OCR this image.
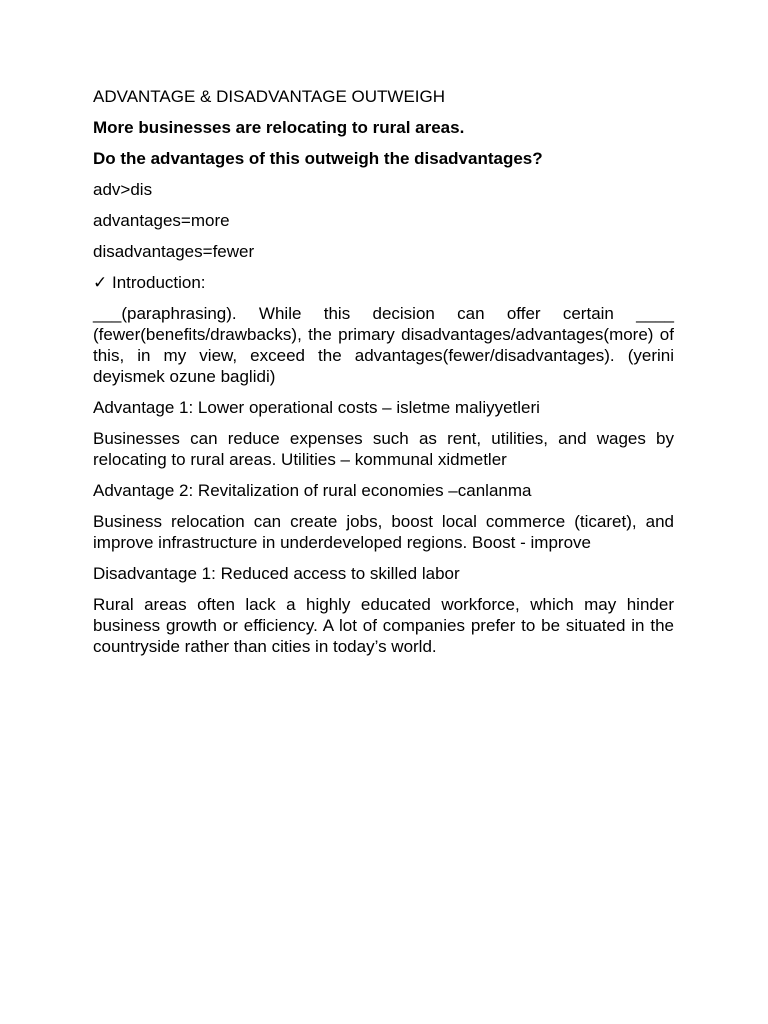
ADVANTAGE & DISADVANTAGE OUTWEIGH

More businesses are relocating to rural areas.

Do the advantages of this outweigh the disadvantages?

adv>dis

advantages=more

disadvantages=fewer

✓ Introduction:

___(paraphrasing). While this decision can offer certain ____ (fewer(benefits/drawbacks), the primary disadvantages/advantages(more) of this, in my view, exceed the advantages(fewer/disadvantages). (yerini deyismek ozune baglidi)

Advantage 1: Lower operational costs – isletme maliyyetleri

Businesses can reduce expenses such as rent, utilities, and wages by relocating to rural areas. Utilities – kommunal xidmetler

Advantage 2: Revitalization of rural economies –canlanma

Business relocation can create jobs, boost local commerce (ticaret), and improve infrastructure in underdeveloped regions. Boost - improve

Disadvantage 1: Reduced access to skilled labor

Rural areas often lack a highly educated workforce, which may hinder business growth or efficiency. A lot of companies prefer to be situated in the countryside rather than cities in today’s world.
